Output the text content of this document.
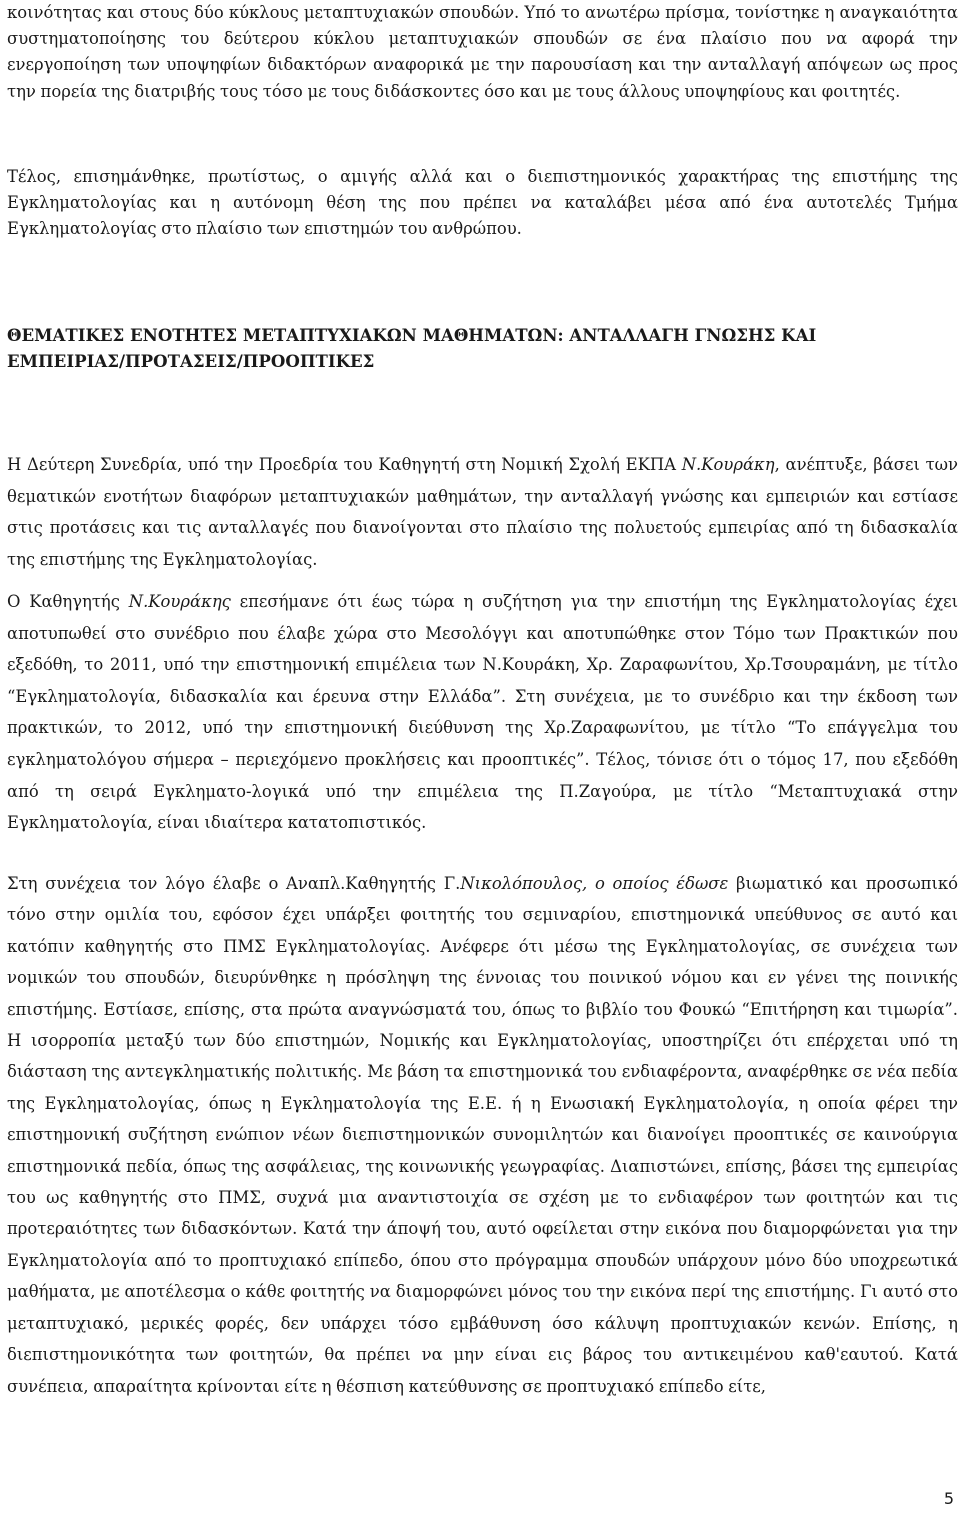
κοινότητας και στους δύο κύκλους μεταπτυχιακών σπουδών. Υπό το ανωτέρω πρίσμα, τονίστηκε η αναγκαιότητα συστηματοποίησης του δεύτερου κύκλου μεταπτυχιακών σπουδών σε ένα πλαίσιο που να αφορά την ενεργοποίηση των υποψηφίων διδακτόρων αναφορικά με την παρουσίαση και την ανταλλαγή απόψεων ως προς την πορεία της διατριβής τους τόσο με τους διδάσκοντες όσο και με τους άλλους υποψηφίους και φοιτητές.

Τέλος, επισημάνθηκε, πρωτίστως, ο αμιγής αλλά και ο διεπιστημονικός χαρακτήρας της επιστήμης της Εγκληματολογίας και η αυτόνομη θέση της που πρέπει να καταλάβει μέσα από ένα αυτοτελές Τμήμα Εγκληματολογίας στο πλαίσιο των επιστημών του ανθρώπου.

ΘΕΜΑΤΙΚΕΣ ΕΝΟΤΗΤΕΣ ΜΕΤΑΠΤΥΧΙΑΚΩΝ ΜΑΘΗΜΑΤΩΝ: ΑΝΤΑΛΛΑΓΗ ΓΝΩΣΗΣ ΚΑΙ
ΕΜΠΕΙΡΙΑΣ/ΠΡΟΤΑΣΕΙΣ/ΠΡΟΟΠΤΙΚΕΣ

Η Δεύτερη Συνεδρία, υπό την Προεδρία του Καθηγητή στη Νομική Σχολή ΕΚΠΑ Ν.Κουράκη, ανέπτυξε, βάσει των θεματικών ενοτήτων διαφόρων μεταπτυχιακών μαθημάτων, την ανταλλαγή γνώσης και εμπειριών και εστίασε στις προτάσεις και τις ανταλλαγές που διανοίγονται στο πλαίσιο της πολυετούς εμπειρίας από τη διδασκαλία της επιστήμης της Εγκληματολογίας.

Ο Καθηγητής Ν.Κουράκης επεσήμανε ότι έως τώρα η συζήτηση για την επιστήμη της Εγκληματολογίας έχει αποτυπωθεί στο συνέδριο που έλαβε χώρα στο Μεσολόγγι και αποτυπώθηκε στον Τόμο των Πρακτικών που εξεδόθη, το 2011, υπό την επιστημονική επιμέλεια των Ν.Κουράκη, Χρ. Ζαραφωνίτου, Χρ.Τσουραμάνη, με τίτλο “Εγκληματολογία, διδασκαλία και έρευνα στην Ελλάδα”. Στη συνέχεια, με το συνέδριο και την έκδοση των πρακτικών, το 2012, υπό την επιστημονική διεύθυνση της Χρ.Ζαραφωνίτου, με τίτλο “Το επάγγελμα του εγκληματολόγου σήμερα – περιεχόμενο προκλήσεις και προοπτικές”. Τέλος, τόνισε ότι ο τόμος 17, που εξεδόθη από τη σειρά Εγκληματο-λογικά υπό την επιμέλεια της Π.Ζαγούρα, με τίτλο “Μεταπτυχιακά στην Εγκληματολογία, είναι ιδιαίτερα κατατοπιστικός.

Στη συνέχεια τον λόγο έλαβε ο Αναπλ.Καθηγητής Γ.Νικολόπουλος, ο οποίος έδωσε βιωματικό και προσωπικό τόνο στην ομιλία του, εφόσον έχει υπάρξει φοιτητής του σεμιναρίου, επιστημονικά υπεύθυνος σε αυτό και κατόπιν καθηγητής στο ΠΜΣ Εγκληματολογίας. Ανέφερε ότι μέσω της Εγκληματολογίας, σε συνέχεια των νομικών του σπουδών, διευρύνθηκε η πρόσληψη της έννοιας του ποινικού νόμου και εν γένει της ποινικής επιστήμης. Εστίασε, επίσης, στα πρώτα αναγνώσματά του, όπως το βιβλίο του Φουκώ “Επιτήρηση και τιμωρία”. Η ισορροπία μεταξύ των δύο επιστημών, Νομικής και Εγκληματολογίας, υποστηρίζει ότι επέρχεται υπό τη διάσταση της αντεγκληματικής πολιτικής. Με βάση τα επιστημονικά του ενδιαφέροντα, αναφέρθηκε σε νέα πεδία της Εγκληματολογίας, όπως η Εγκληματολογία της Ε.Ε. ή η Ενωσιακή Εγκληματολογία, η οποία φέρει την επιστημονική συζήτηση ενώπιον νέων διεπιστημονικών συνομιλητών και διανοίγει προοπτικές σε καινούργια επιστημονικά πεδία, όπως της ασφάλειας, της κοινωνικής γεωγραφίας. Διαπιστώνει, επίσης, βάσει της εμπειρίας του ως καθηγητής στο ΠΜΣ, συχνά μια αναντιστοιχία σε σχέση με το ενδιαφέρον των φοιτητών και τις προτεραιότητες των διδασκόντων. Κατά την άποψή του, αυτό οφείλεται στην εικόνα που διαμορφώνεται για την Εγκληματολογία από το προπτυχιακό επίπεδο, όπου στο πρόγραμμα σπουδών υπάρχουν μόνο δύο υποχρεωτικά μαθήματα, με αποτέλεσμα ο κάθε φοιτητής να διαμορφώνει μόνος του την εικόνα περί της επιστήμης. Γι αυτό στο μεταπτυχιακό, μερικές φορές, δεν υπάρχει τόσο εμβάθυνση όσο κάλυψη προπτυχιακών κενών. Επίσης, η διεπιστημονικότητα των φοιτητών, θα πρέπει να μην είναι εις βάρος του αντικειμένου καθ'εαυτού. Κατά συνέπεια, απαραίτητα κρίνονται είτε η θέσπιση κατεύθυνσης σε προπτυχιακό επίπεδο είτε,

5
